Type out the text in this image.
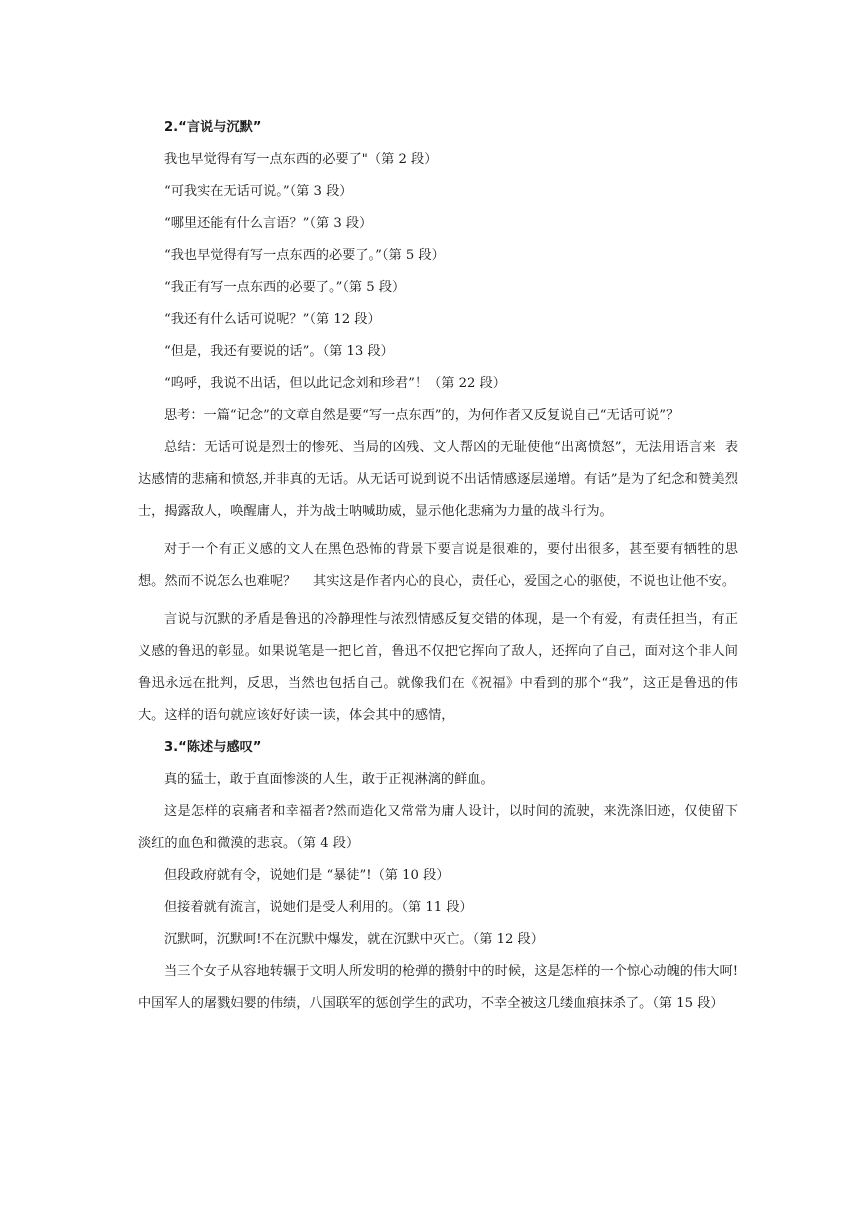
2.“言说与沉默”

我也早觉得有写一点东西的必要了"（第 2 段）

“可我实在无话可说。”（第 3 段）

“哪里还能有什么言语？”（第 3 段）

“我也早觉得有写一点东西的必要了。”（第 5 段）

“我正有写一点东西的必要了。”（第 5 段）

“我还有什么话可说呢？”（第 12 段）

“但是，我还有要说的话”。（第 13 段）

“呜呼，我说不出话，但以此记念刘和珍君”！（第 22 段）

思考：一篇“记念”的文章自然是要“写一点东西”的，为何作者又反复说自己“无话可说”？

总结：无话可说是烈士的惨死、当局的凶残、文人帮凶的无耻使他“出离愤怒”，无法用语言来  表达感情的悲痛和愤怒,并非真的无话。从无话可说到说不出话情感逐层递增。有话”是为了纪念和赞美烈士，揭露敌人，唤醒庸人，并为战士呐喊助威，显示他化悲痛为力量的战斗行为。

对于一个有正义感的文人在黑色恐怖的背景下要言说是很难的，要付出很多，甚至要有牺牲的思想。然而不说怎么也难呢？    其实这是作者内心的良心，责任心，爱国之心的驱使，不说也让他不安。

言说与沉默的矛盾是鲁迅的冷静理性与浓烈情感反复交错的体现，是一个有爱，有责任担当，有正义感的鲁迅的彰显。如果说笔是一把匕首，鲁迅不仅把它挥向了敌人，还挥向了自己，面对这个非人间鲁迅永远在批判，反思，当然也包括自己。就像我们在《祝福》中看到的那个“我”，这正是鲁迅的伟大。这样的语句就应该好好读一读，体会其中的感情，

3.“陈述与感叹”

真的猛士，敢于直面惨淡的人生，敢于正视淋漓的鲜血。

这是怎样的哀痛者和幸福者?然而造化又常常为庸人设计，以时间的流驶，来洗涤旧迹，仅使留下淡红的血色和微漠的悲哀。（第 4 段）

但段政府就有令，说她们是 “暴徒”!（第 10 段）

但接着就有流言，说她们是受人利用的。（第 11 段）

沉默呵，沉默呵!不在沉默中爆发，就在沉默中灭亡。（第 12 段）

当三个女子从容地转辗于文明人所发明的枪弹的攒射中的时候，这是怎样的一个惊心动魄的伟大呵!中国军人的屠戮妇婴的伟绩，八国联军的惩创学生的武功，不幸全被这几缕血痕抹杀了。（第 15 段）
